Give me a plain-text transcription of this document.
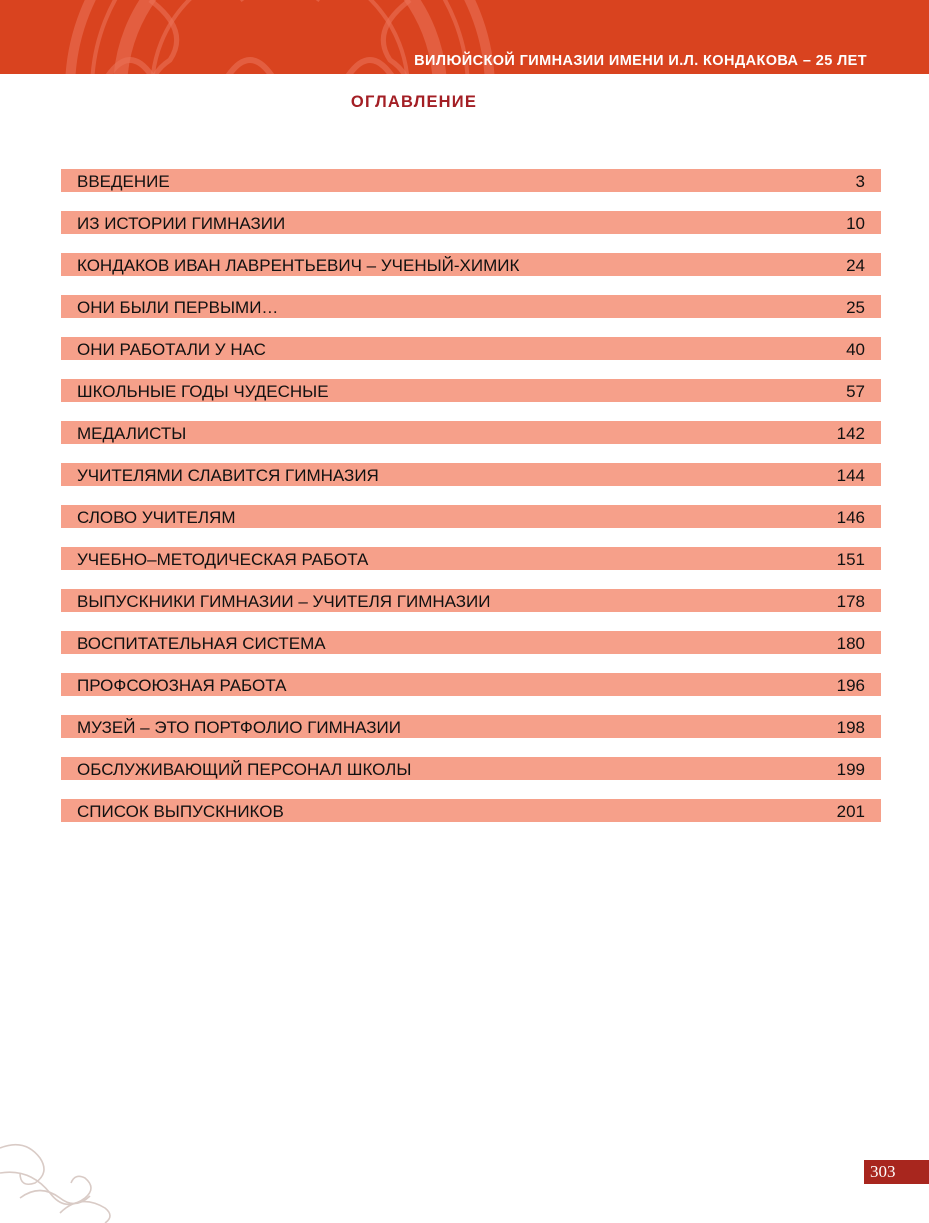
ВИЛЮЙСКОЙ ГИМНАЗИИ ИМЕНИ И.Л. КОНДАКОВА – 25 ЛЕТ
ОГЛАВЛЕНИЕ
ВВЕДЕНИЕ	3
ИЗ ИСТОРИИ ГИМНАЗИИ	10
КОНДАКОВ ИВАН ЛАВРЕНТЬЕВИЧ – УЧЕНЫЙ-ХИМИК	24
ОНИ БЫЛИ ПЕРВЫМИ…	25
ОНИ РАБОТАЛИ У НАС	40
ШКОЛЬНЫЕ ГОДЫ ЧУДЕСНЫЕ	57
МЕДАЛИСТЫ	142
УЧИТЕЛЯМИ СЛАВИТСЯ ГИМНАЗИЯ	144
СЛОВО УЧИТЕЛЯМ	146
УЧЕБНО–МЕТОДИЧЕСКАЯ РАБОТА	151
ВЫПУСКНИКИ ГИМНАЗИИ – УЧИТЕЛЯ ГИМНАЗИИ	178
ВОСПИТАТЕЛЬНАЯ СИСТЕМА	180
ПРОФСОЮЗНАЯ РАБОТА	196
МУЗЕЙ – ЭТО ПОРТФОЛИО ГИМНАЗИИ	198
ОБСЛУЖИВАЮЩИЙ ПЕРСОНАЛ ШКОЛЫ	199
СПИСОК ВЫПУСКНИКОВ	201
303
